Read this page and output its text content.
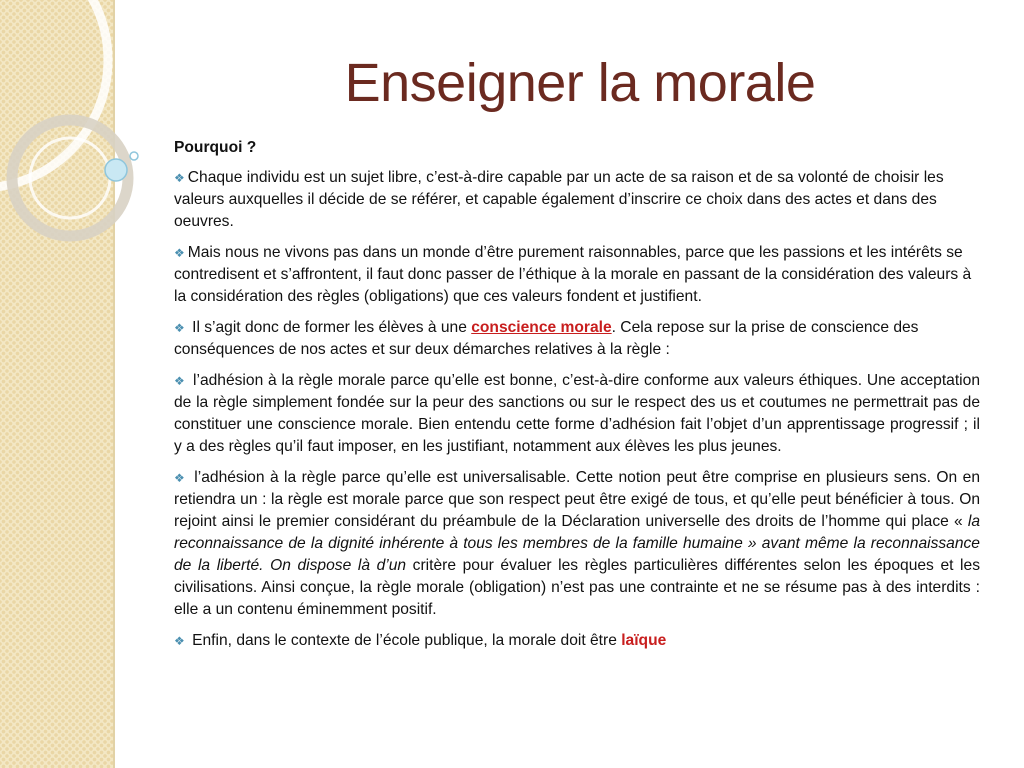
Enseigner la morale

Pourquoi ?

❖ Chaque individu est un sujet libre, c’est-à-dire capable par un acte de sa raison et de sa volonté de choisir les valeurs auxquelles il décide de se référer, et capable également d’inscrire ce choix dans des actes et dans des oeuvres.

❖ Mais nous ne vivons pas dans un monde d’être purement raisonnables, parce que les passions et les intérêts se contredisent et s’affrontent, il faut donc passer de l’éthique à la morale en passant de la considération des valeurs à la considération des règles (obligations) que ces valeurs fondent et justifient.

❖ Il s’agit donc de former les élèves à une conscience morale. Cela repose sur la prise de conscience des conséquences de nos actes et sur deux démarches relatives à la règle :

❖ l’adhésion à la règle morale parce qu’elle est bonne, c’est-à-dire conforme aux valeurs éthiques. Une acceptation de la règle simplement fondée sur la peur des sanctions ou sur le respect des us et coutumes ne permettrait pas de constituer une conscience morale. Bien entendu cette forme d’adhésion fait l’objet d’un apprentissage progressif ; il y a des règles qu’il faut imposer, en les justifiant, notamment aux élèves les plus jeunes.

❖ l’adhésion à la règle parce qu’elle est universalisable. Cette notion peut être comprise en plusieurs sens. On en retiendra un : la règle est morale parce que son respect peut être exigé de tous, et qu’elle peut bénéficier à tous. On rejoint ainsi le premier considérant du préambule de la Déclaration universelle des droits de l’homme qui place « la reconnaissance de la dignité inhérente à tous les membres de la famille humaine » avant même la reconnaissance de la liberté. On dispose là d’un critère pour évaluer les règles particulières différentes selon les époques et les civilisations. Ainsi conçue, la règle morale (obligation) n’est pas une contrainte et ne se résume pas à des interdits : elle a un contenu éminemment positif.

❖ Enfin, dans le contexte de l’école publique, la morale doit être laïque
